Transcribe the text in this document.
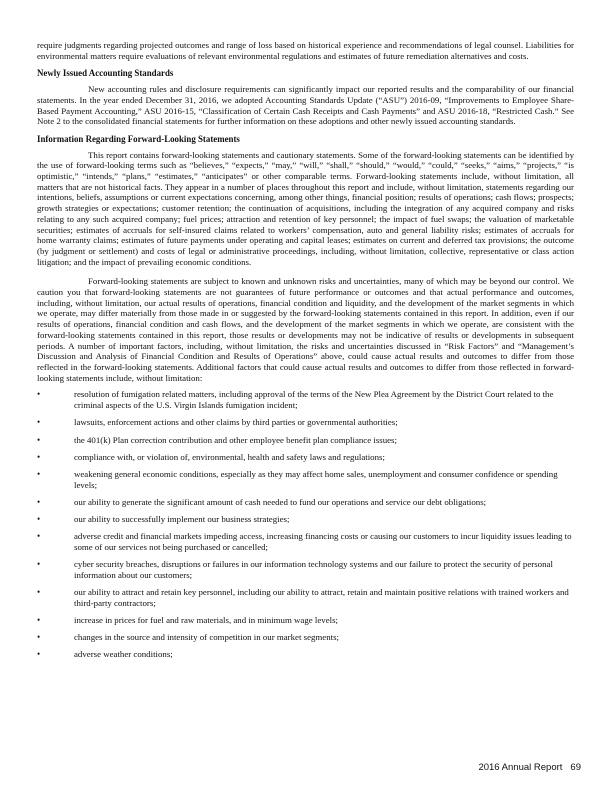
require judgments regarding projected outcomes and range of loss based on historical experience and recommendations of legal counsel. Liabilities for environmental matters require evaluations of relevant environmental regulations and estimates of future remediation alternatives and costs.

Newly Issued Accounting Standards

New accounting rules and disclosure requirements can significantly impact our reported results and the comparability of our financial statements. In the year ended December 31, 2016, we adopted Accounting Standards Update (“ASU”) 2016-09, “Improvements to Employee Share-Based Payment Accounting,” ASU 2016-15, “Classification of Certain Cash Receipts and Cash Payments” and ASU 2016-18, “Restricted Cash.” See Note 2 to the consolidated financial statements for further information on these adoptions and other newly issued accounting standards.

Information Regarding Forward-Looking Statements

This report contains forward-looking statements and cautionary statements. Some of the forward-looking statements can be identified by the use of forward-looking terms such as “believes,” “expects,” “may,” “will,” “shall,” “should,” “would,” “could,” “seeks,” “aims,” “projects,” “is optimistic,” “intends,” “plans,” “estimates,” “anticipates” or other comparable terms. Forward-looking statements include, without limitation, all matters that are not historical facts. They appear in a number of places throughout this report and include, without limitation, statements regarding our intentions, beliefs, assumptions or current expectations concerning, among other things, financial position; results of operations; cash flows; prospects; growth strategies or expectations; customer retention; the continuation of acquisitions, including the integration of any acquired company and risks relating to any such acquired company; fuel prices; attraction and retention of key personnel; the impact of fuel swaps; the valuation of marketable securities; estimates of accruals for self-insured claims related to workers’ compensation, auto and general liability risks; estimates of accruals for home warranty claims; estimates of future payments under operating and capital leases; estimates on current and deferred tax provisions; the outcome (by judgment or settlement) and costs of legal or administrative proceedings, including, without limitation, collective, representative or class action litigation; and the impact of prevailing economic conditions.

Forward-looking statements are subject to known and unknown risks and uncertainties, many of which may be beyond our control. We caution you that forward-looking statements are not guarantees of future performance or outcomes and that actual performance and outcomes, including, without limitation, our actual results of operations, financial condition and liquidity, and the development of the market segments in which we operate, may differ materially from those made in or suggested by the forward-looking statements contained in this report. In addition, even if our results of operations, financial condition and cash flows, and the development of the market segments in which we operate, are consistent with the forward-looking statements contained in this report, those results or developments may not be indicative of results or developments in subsequent periods. A number of important factors, including, without limitation, the risks and uncertainties discussed in “Risk Factors” and “Management’s Discussion and Analysis of Financial Condition and Results of Operations” above, could cause actual results and outcomes to differ from those reflected in the forward-looking statements. Additional factors that could cause actual results and outcomes to differ from those reflected in forward-looking statements include, without limitation:

•	resolution of fumigation related matters, including approval of the terms of the New Plea Agreement by the District Court related to the criminal aspects of the U.S. Virgin Islands fumigation incident;
•	lawsuits, enforcement actions and other claims by third parties or governmental authorities;
•	the 401(k) Plan correction contribution and other employee benefit plan compliance issues;
•	compliance with, or violation of, environmental, health and safety laws and regulations;
•	weakening general economic conditions, especially as they may affect home sales, unemployment and consumer confidence or spending levels;
•	our ability to generate the significant amount of cash needed to fund our operations and service our debt obligations;
•	our ability to successfully implement our business strategies;
•	adverse credit and financial markets impeding access, increasing financing costs or causing our customers to incur liquidity issues leading to some of our services not being purchased or cancelled;
•	cyber security breaches, disruptions or failures in our information technology systems and our failure to protect the security of personal information about our customers;
•	our ability to attract and retain key personnel, including our ability to attract, retain and maintain positive relations with trained workers and third-party contractors;
•	increase in prices for fuel and raw materials, and in minimum wage levels;
•	changes in the source and intensity of competition in our market segments;
•	adverse weather conditions;
2016 Annual Report 69
